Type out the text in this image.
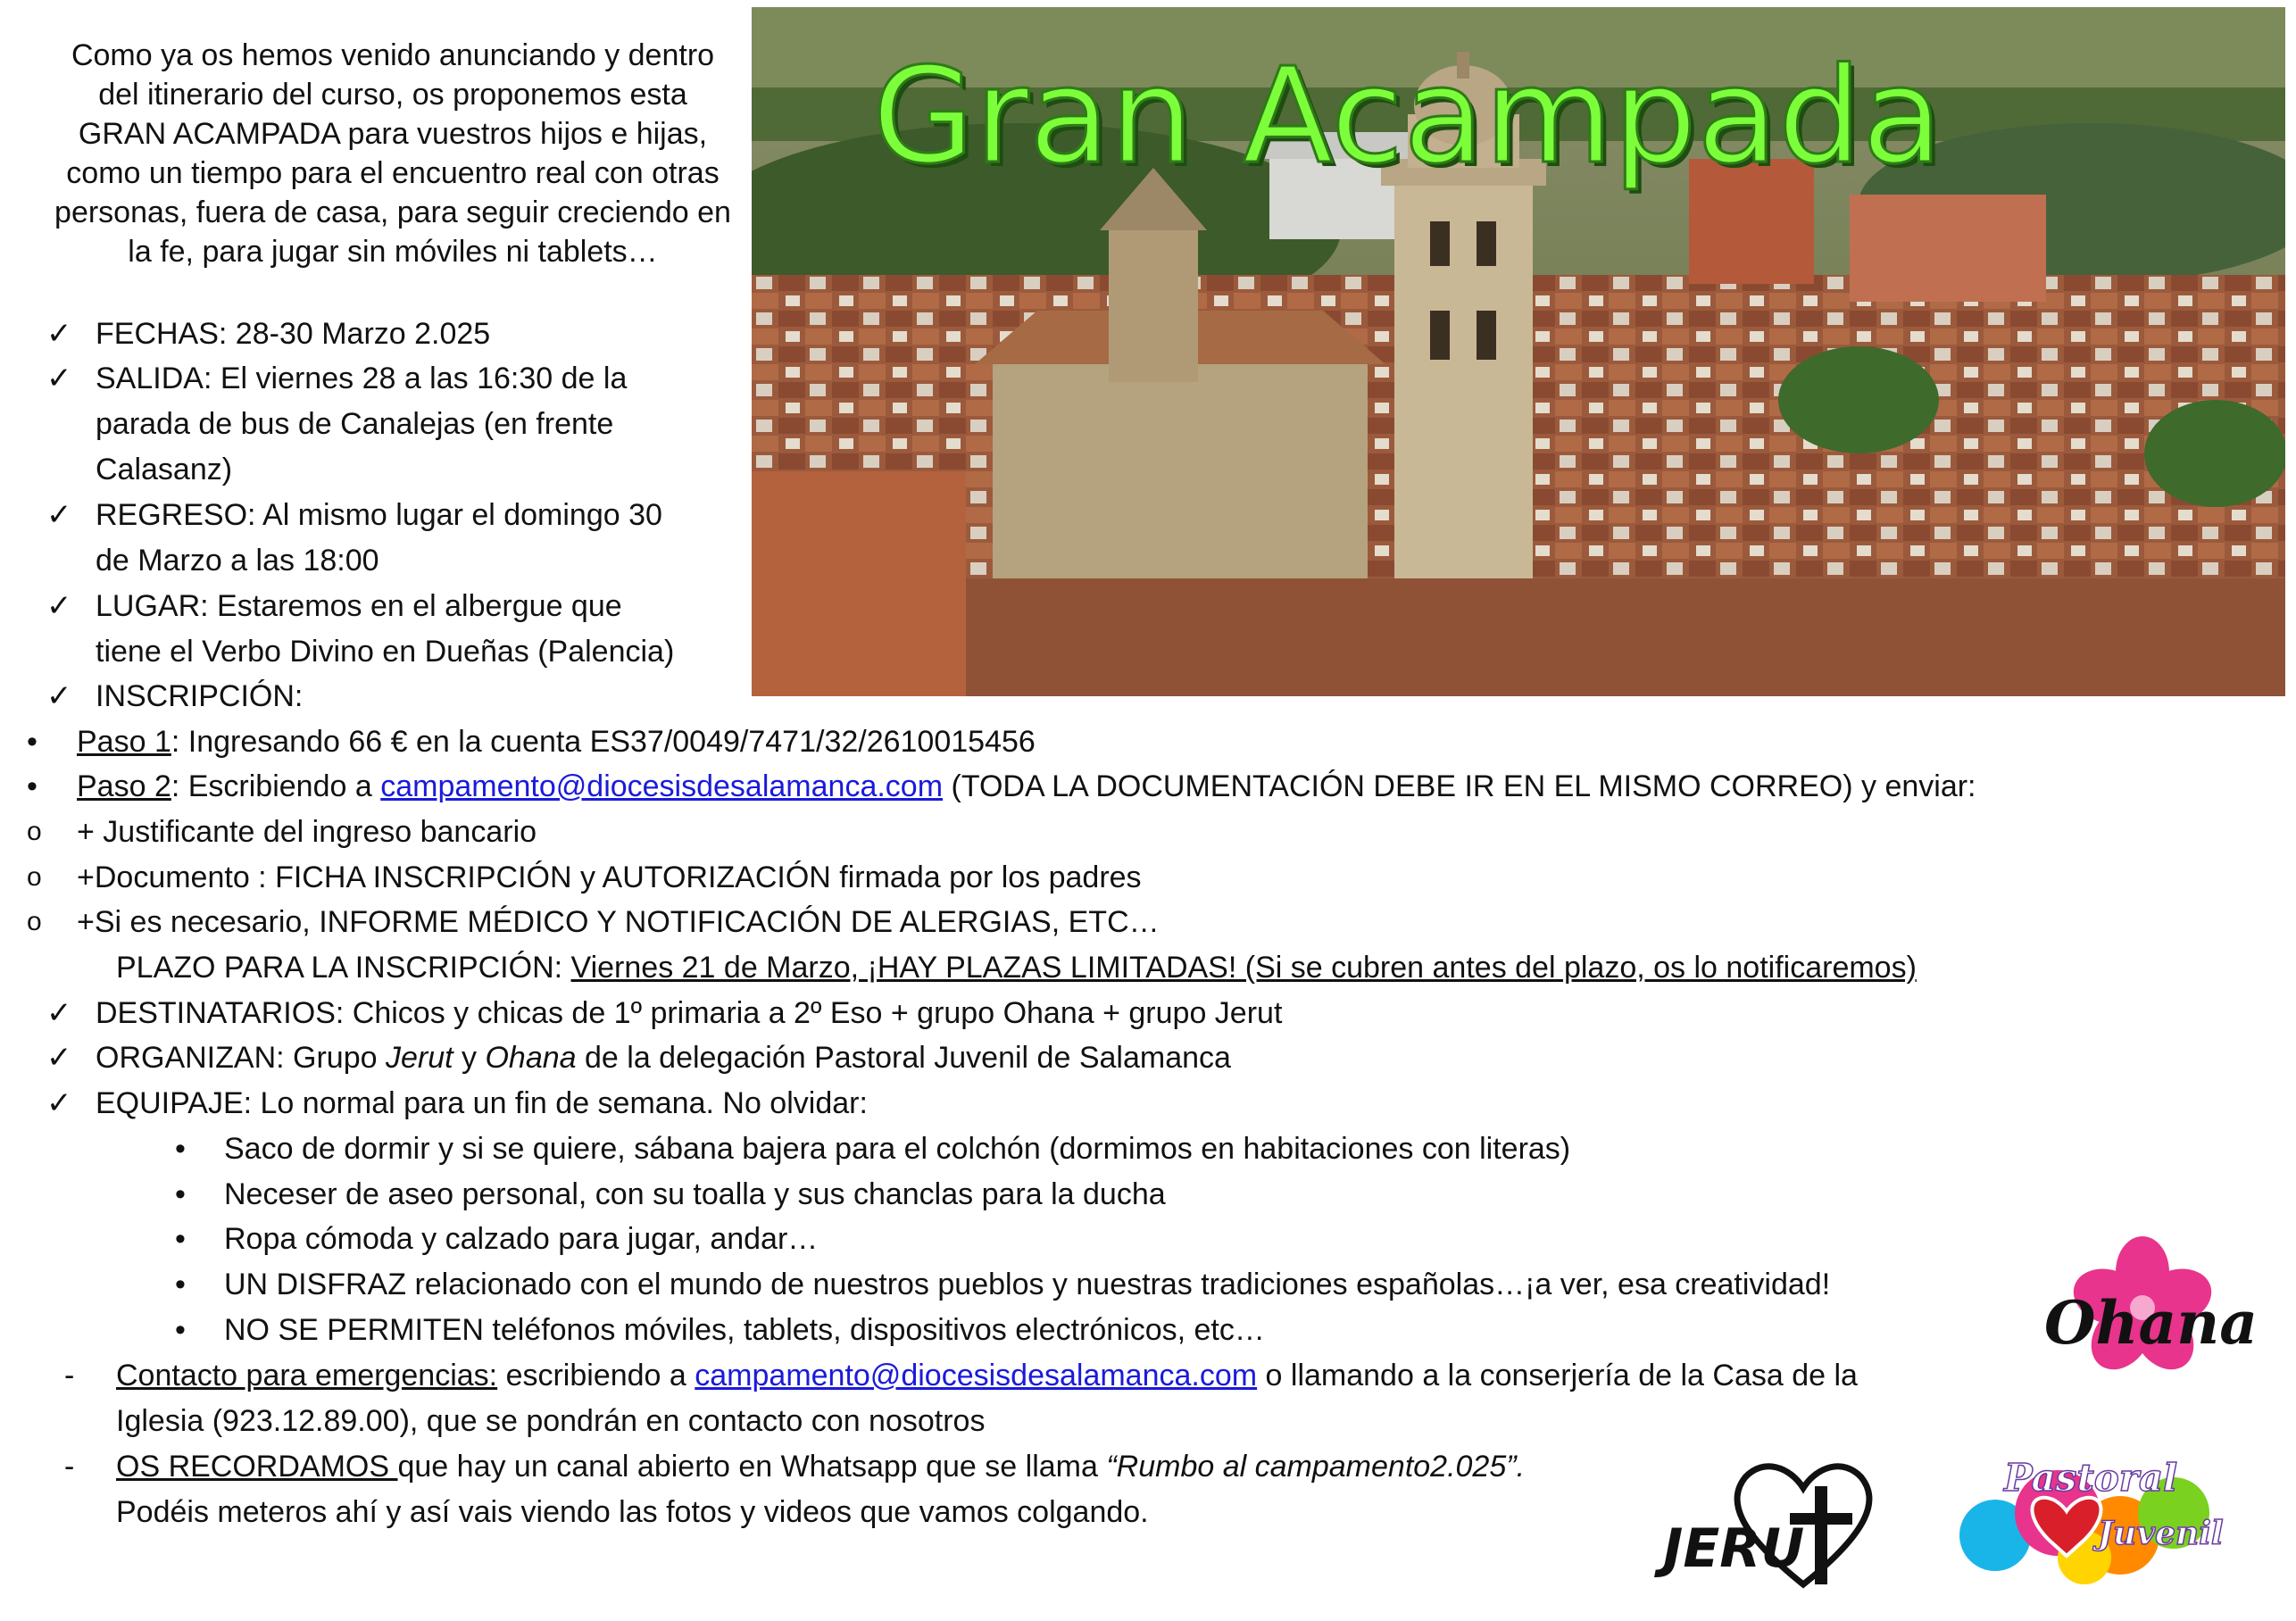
Como ya os hemos venido anunciando y dentro del itinerario del curso, os proponemos esta GRAN ACAMPADA para vuestros hijos e hijas, como un tiempo para el encuentro real con otras personas, fuera de casa, para seguir creciendo en la fe, para jugar sin móviles ni tablets…
Gran Acampada
✓ FECHAS: 28-30 Marzo 2.025
✓ SALIDA: El viernes 28 a las 16:30 de la
parada de bus de Canalejas (en frente
Calasanz)
✓ REGRESO: Al mismo lugar el domingo 30
de Marzo a las 18:00
✓ LUGAR: Estaremos en el albergue que
tiene el Verbo Divino en Dueñas (Palencia)
✓ INSCRIPCIÓN:
• Paso 1: Ingresando 66 € en la cuenta ES37/0049/7471/32/2610015456
• Paso 2: Escribiendo a campamento@diocesisdesalamanca.com (TODA LA DOCUMENTACIÓN DEBE IR EN EL MISMO CORREO) y enviar:
o + Justificante del ingreso bancario
o +Documento : FICHA INSCRIPCIÓN y AUTORIZACIÓN firmada por los padres
o +Si es necesario, INFORME MÉDICO Y NOTIFICACIÓN DE ALERGIAS, ETC…
PLAZO PARA LA INSCRIPCIÓN: Viernes 21 de Marzo, ¡HAY PLAZAS LIMITADAS! (Si se cubren antes del plazo, os lo notificaremos)
✓ DESTINATARIOS: Chicos y chicas de 1º primaria a 2º Eso + grupo Ohana + grupo Jerut
✓ ORGANIZAN: Grupo Jerut y Ohana de la delegación Pastoral Juvenil de Salamanca
✓ EQUIPAJE: Lo normal para un fin de semana. No olvidar:
• Saco de dormir y si se quiere, sábana bajera para el colchón (dormimos en habitaciones con literas)
• Neceser de aseo personal, con su toalla y sus chanclas para la ducha
• Ropa cómoda y calzado para jugar, andar…
• UN DISFRAZ relacionado con el mundo de nuestros pueblos y nuestras tradiciones españolas…¡a ver, esa creatividad!
• NO SE PERMITEN teléfonos móviles, tablets, dispositivos electrónicos, etc…
- Contacto para emergencias: escribiendo a campamento@diocesisdesalamanca.com o llamando a la conserjería de la Casa de la
Iglesia (923.12.89.00), que se pondrán en contacto con nosotros
- OS RECORDAMOS que hay un canal abierto en Whatsapp que se llama “Rumbo al campamento2.025”.
Podéis meteros ahí y así vais viendo las fotos y videos que vamos colgando.
Ohana
JERU
Pastoral
Juvenil
